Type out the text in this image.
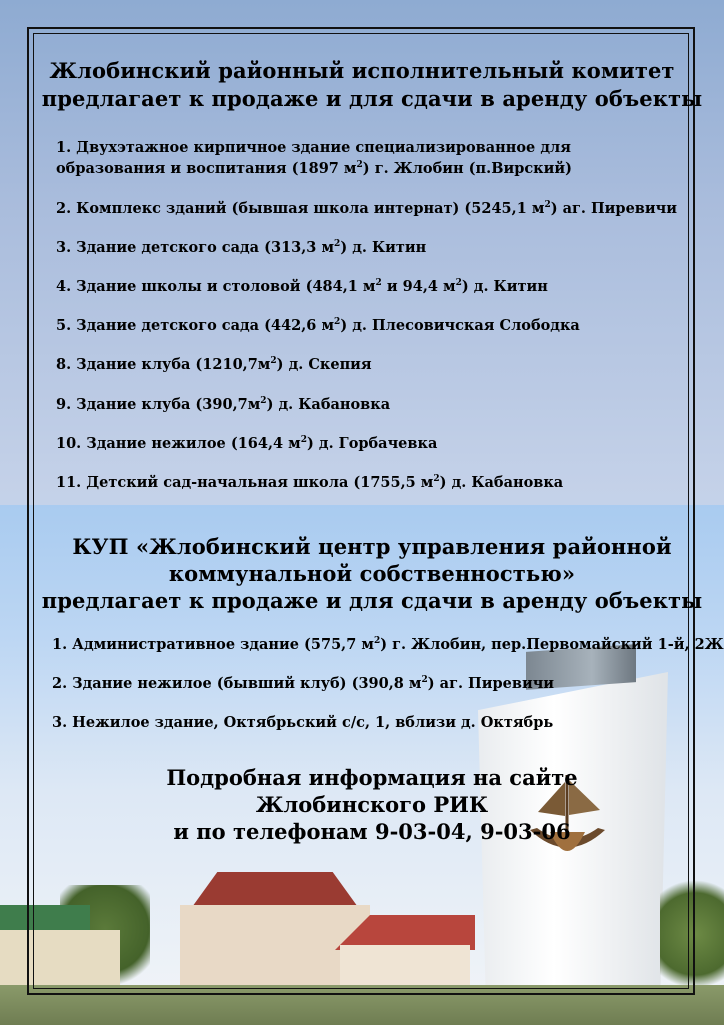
Жлобинский районный исполнительный комитет
предлагает к продаже и для сдачи в аренду объекты
1. Двухэтажное кирпичное здание специализированное для
образования и воспитания (1897 $м^2$) г. Жлобин (п.Вирский)
2. Комплекс зданий (бывшая школа интернат) (5245,1 $м^2$) аг. Пиревичи
3. Здание детского сада (313,3 $м^2$) д. Китин
4. Здание школы и столовой (484,1 $м^2$ и 94,4 $м^2$) д. Китин
5. Здание детского сада (442,6 $м^2$) д. Плесовичская Слободка
8. Здание клуба $(1210,7м^2)$ д. Скепия
9. Здание клуба $(390,7м^2)$ д. Кабановка
10. Здание нежилое (164,4 $м^2$) д. Горбачевка
11. Детский сад-начальная школа (1755,5 $м^2$) д. Кабановка
КУП «Жлобинский центр управления районной
коммунальной собственностью»
предлагает к продаже и для сдачи в аренду объекты
1. Административное здание (575,7 $м^2$) г. Жлобин, пер.Первомайский 1-й, 2Ж
2. Здание нежилое (бывший клуб) (390,8 $м^2$) аг. Пиревичи
3. Нежилое здание, Октябрьский с/с, 1, вблизи д. Октябрь
Подробная информация на сайте
Жлобинского РИК
и по телефонам 9-03-04, 9-03-06
